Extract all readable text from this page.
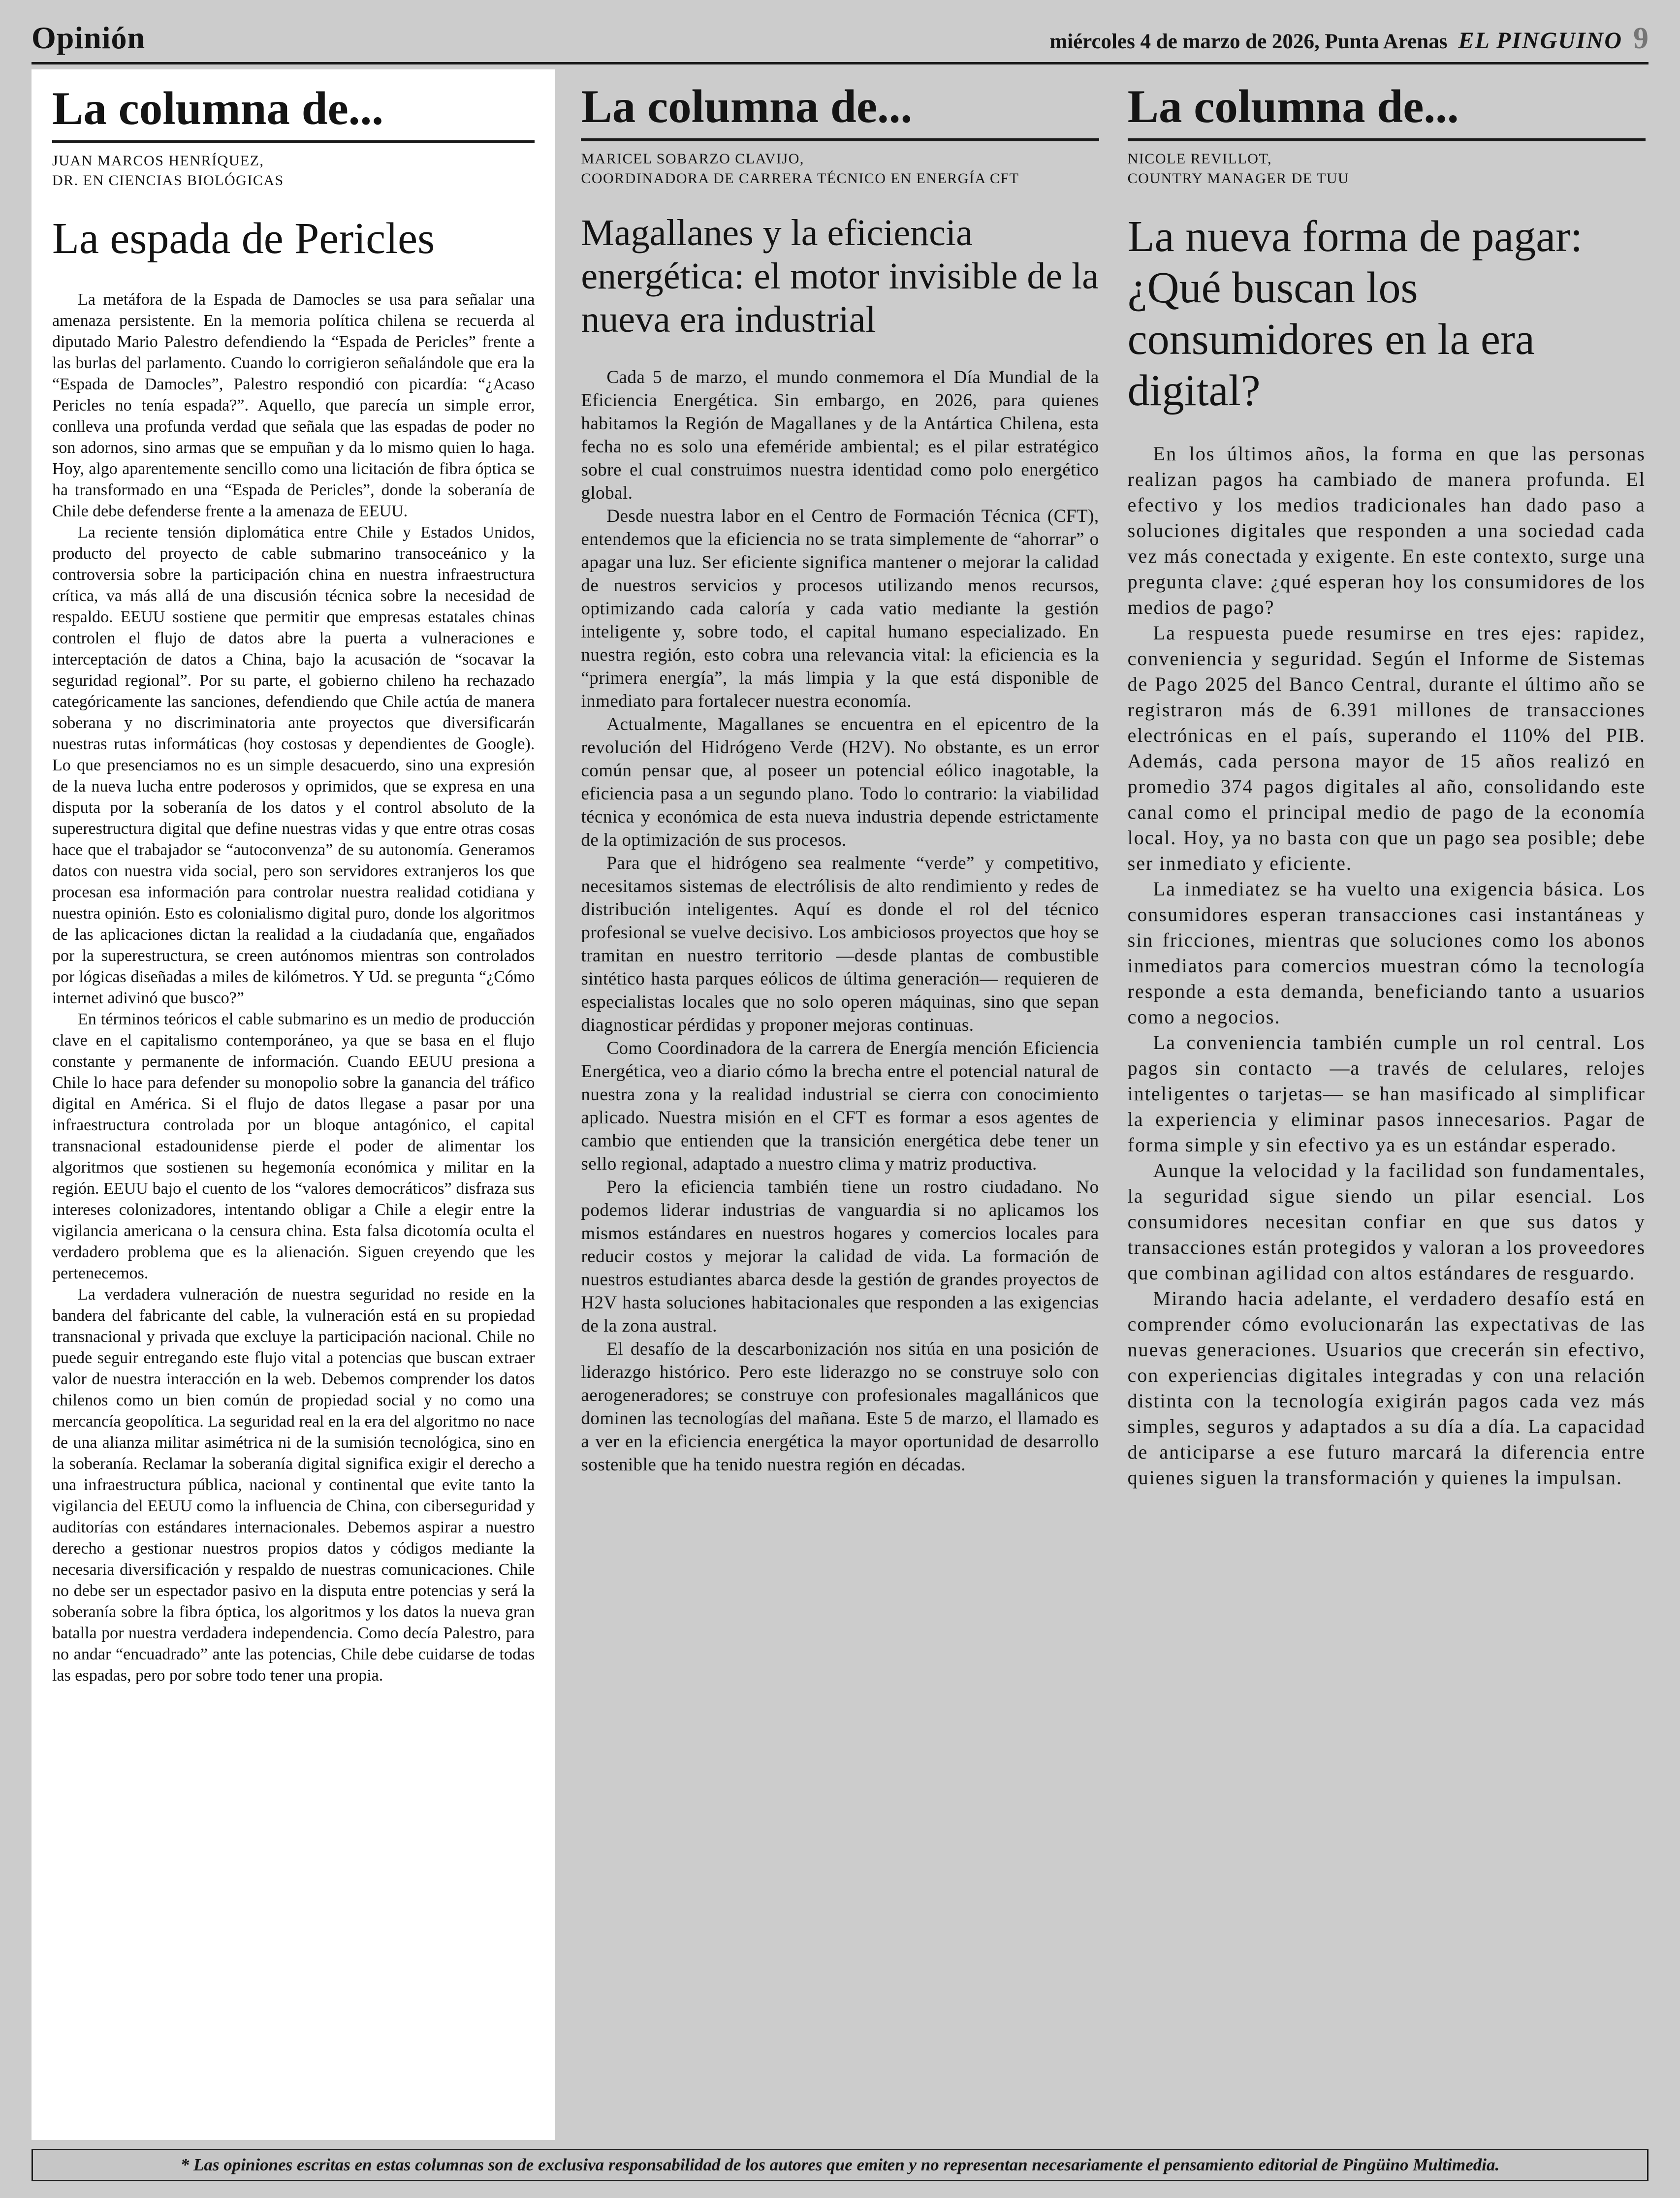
Opinión	miércoles 4 de marzo de 2026, Punta Arenas EL PINGUINO 9
La columna de...
JUAN MARCOS HENRÍQUEZ,
DR. EN CIENCIAS BIOLÓGICAS
La espada de Pericles

La metáfora de la Espada de Damocles se usa para señalar una amenaza persistente. En la memoria política chilena se recuerda al diputado Mario Palestro defendiendo la “Espada de Pericles” frente a las burlas del parlamento. Cuando lo corrigieron señalándole que era la “Espada de Damocles”, Palestro respondió con picardía: “¿Acaso Pericles no tenía espada?”. Aquello, que parecía un simple error, conlleva una profunda verdad que señala que las espadas de poder no son adornos, sino armas que se empuñan y da lo mismo quien lo haga. Hoy, algo aparentemente sencillo como una licitación de fibra óptica se ha transformado en una “Espada de Pericles”, donde la soberanía de Chile debe defenderse frente a la amenaza de EEUU.

La reciente tensión diplomática entre Chile y Estados Unidos, producto del proyecto de cable submarino transoceánico y la controversia sobre la participación china en nuestra infraestructura crítica, va más allá de una discusión técnica sobre la necesidad de respaldo. EEUU sostiene que permitir que empresas estatales chinas controlen el flujo de datos abre la puerta a vulneraciones e interceptación de datos a China, bajo la acusación de “socavar la seguridad regional”. Por su parte, el gobierno chileno ha rechazado categóricamente las sanciones, defendiendo que Chile actúa de manera soberana y no discriminatoria ante proyectos que diversificarán nuestras rutas informáticas (hoy costosas y dependientes de Google). Lo que presenciamos no es un simple desacuerdo, sino una expresión de la nueva lucha entre poderosos y oprimidos, que se expresa en una disputa por la soberanía de los datos y el control absoluto de la superestructura digital que define nuestras vidas y que entre otras cosas hace que el trabajador se “autoconvenza” de su autonomía. Generamos datos con nuestra vida social, pero son servidores extranjeros los que procesan esa información para controlar nuestra realidad cotidiana y nuestra opinión. Esto es colonialismo digital puro, donde los algoritmos de las aplicaciones dictan la realidad a la ciudadanía que, engañados por la superestructura, se creen autónomos mientras son controlados por lógicas diseñadas a miles de kilómetros. Y Ud. se pregunta “¿Cómo internet adivinó que busco?”

En términos teóricos el cable submarino es un medio de producción clave en el capitalismo contemporáneo, ya que se basa en el flujo constante y permanente de información. Cuando EEUU presiona a Chile lo hace para defender su monopolio sobre la ganancia del tráfico digital en América. Si el flujo de datos llegase a pasar por una infraestructura controlada por un bloque antagónico, el capital transnacional estadounidense pierde el poder de alimentar los algoritmos que sostienen su hegemonía económica y militar en la región. EEUU bajo el cuento de los “valores democráticos” disfraza sus intereses colonizadores, intentando obligar a Chile a elegir entre la vigilancia americana o la censura china. Esta falsa dicotomía oculta el verdadero problema que es la alienación. Siguen creyendo que les pertenecemos.

La verdadera vulneración de nuestra seguridad no reside en la bandera del fabricante del cable, la vulneración está en su propiedad transnacional y privada que excluye la participación nacional. Chile no puede seguir entregando este flujo vital a potencias que buscan extraer valor de nuestra interacción en la web. Debemos comprender los datos chilenos como un bien común de propiedad social y no como una mercancía geopolítica. La seguridad real en la era del algoritmo no nace de una alianza militar asimétrica ni de la sumisión tecnológica, sino en la soberanía. Reclamar la soberanía digital significa exigir el derecho a una infraestructura pública, nacional y continental que evite tanto la vigilancia del EEUU como la influencia de China, con ciberseguridad y auditorías con estándares internacionales. Debemos aspirar a nuestro derecho a gestionar nuestros propios datos y códigos mediante la necesaria diversificación y respaldo de nuestras comunicaciones. Chile no debe ser un espectador pasivo en la disputa entre potencias y será la soberanía sobre la fibra óptica, los algoritmos y los datos la nueva gran batalla por nuestra verdadera independencia. Como decía Palestro, para no andar “encuadrado” ante las potencias, Chile debe cuidarse de todas las espadas, pero por sobre todo tener una propia.

La columna de...
MARICEL SOBARZO CLAVIJO,
COORDINADORA DE CARRERA TÉCNICO EN ENERGÍA CFT
Magallanes y la eficiencia energética: el motor invisible de la nueva era industrial

Cada 5 de marzo, el mundo conmemora el Día Mundial de la Eficiencia Energética. Sin embargo, en 2026, para quienes habitamos la Región de Magallanes y de la Antártica Chilena, esta fecha no es solo una efeméride ambiental; es el pilar estratégico sobre el cual construimos nuestra identidad como polo energético global.

Desde nuestra labor en el Centro de Formación Técnica (CFT), entendemos que la eficiencia no se trata simplemente de “ahorrar” o apagar una luz. Ser eficiente significa mantener o mejorar la calidad de nuestros servicios y procesos utilizando menos recursos, optimizando cada caloría y cada vatio mediante la gestión inteligente y, sobre todo, el capital humano especializado. En nuestra región, esto cobra una relevancia vital: la eficiencia es la “primera energía”, la más limpia y la que está disponible de inmediato para fortalecer nuestra economía.

Actualmente, Magallanes se encuentra en el epicentro de la revolución del Hidrógeno Verde (H2V). No obstante, es un error común pensar que, al poseer un potencial eólico inagotable, la eficiencia pasa a un segundo plano. Todo lo contrario: la viabilidad técnica y económica de esta nueva industria depende estrictamente de la optimización de sus procesos.

Para que el hidrógeno sea realmente “verde” y competitivo, necesitamos sistemas de electrólisis de alto rendimiento y redes de distribución inteligentes. Aquí es donde el rol del técnico profesional se vuelve decisivo. Los ambiciosos proyectos que hoy se tramitan en nuestro territorio —desde plantas de combustible sintético hasta parques eólicos de última generación— requieren de especialistas locales que no solo operen máquinas, sino que sepan diagnosticar pérdidas y proponer mejoras continuas.

Como Coordinadora de la carrera de Energía mención Eficiencia Energética, veo a diario cómo la brecha entre el potencial natural de nuestra zona y la realidad industrial se cierra con conocimiento aplicado. Nuestra misión en el CFT es formar a esos agentes de cambio que entienden que la transición energética debe tener un sello regional, adaptado a nuestro clima y matriz productiva.

Pero la eficiencia también tiene un rostro ciudadano. No podemos liderar industrias de vanguardia si no aplicamos los mismos estándares en nuestros hogares y comercios locales para reducir costos y mejorar la calidad de vida. La formación de nuestros estudiantes abarca desde la gestión de grandes proyectos de H2V hasta soluciones habitacionales que responden a las exigencias de la zona austral.

El desafío de la descarbonización nos sitúa en una posición de liderazgo histórico. Pero este liderazgo no se construye solo con aerogeneradores; se construye con profesionales magallánicos que dominen las tecnologías del mañana. Este 5 de marzo, el llamado es a ver en la eficiencia energética la mayor oportunidad de desarrollo sostenible que ha tenido nuestra región en décadas.

La columna de...
NICOLE REVILLOT,
COUNTRY MANAGER DE TUU
La nueva forma de pagar: ¿Qué buscan los consumidores en la era digital?

En los últimos años, la forma en que las personas realizan pagos ha cambiado de manera profunda. El efectivo y los medios tradicionales han dado paso a soluciones digitales que responden a una sociedad cada vez más conectada y exigente. En este contexto, surge una pregunta clave: ¿qué esperan hoy los consumidores de los medios de pago?

La respuesta puede resumirse en tres ejes: rapidez, conveniencia y seguridad. Según el Informe de Sistemas de Pago 2025 del Banco Central, durante el último año se registraron más de 6.391 millones de transacciones electrónicas en el país, superando el 110% del PIB. Además, cada persona mayor de 15 años realizó en promedio 374 pagos digitales al año, consolidando este canal como el principal medio de pago de la economía local. Hoy, ya no basta con que un pago sea posible; debe ser inmediato y eficiente.

La inmediatez se ha vuelto una exigencia básica. Los consumidores esperan transacciones casi instantáneas y sin fricciones, mientras que soluciones como los abonos inmediatos para comercios muestran cómo la tecnología responde a esta demanda, beneficiando tanto a usuarios como a negocios.

La conveniencia también cumple un rol central. Los pagos sin contacto —a través de celulares, relojes inteligentes o tarjetas— se han masificado al simplificar la experiencia y eliminar pasos innecesarios. Pagar de forma simple y sin efectivo ya es un estándar esperado.

Aunque la velocidad y la facilidad son fundamentales, la seguridad sigue siendo un pilar esencial. Los consumidores necesitan confiar en que sus datos y transacciones están protegidos y valoran a los proveedores que combinan agilidad con altos estándares de resguardo.

Mirando hacia adelante, el verdadero desafío está en comprender cómo evolucionarán las expectativas de las nuevas generaciones. Usuarios que crecerán sin efectivo, con experiencias digitales integradas y con una relación distinta con la tecnología exigirán pagos cada vez más simples, seguros y adaptados a su día a día. La capacidad de anticiparse a ese futuro marcará la diferencia entre quienes siguen la transformación y quienes la impulsan.

* Las opiniones escritas en estas columnas son de exclusiva responsabilidad de los autores que emiten y no representan necesariamente el pensamiento editorial de Pingüino Multimedia.
